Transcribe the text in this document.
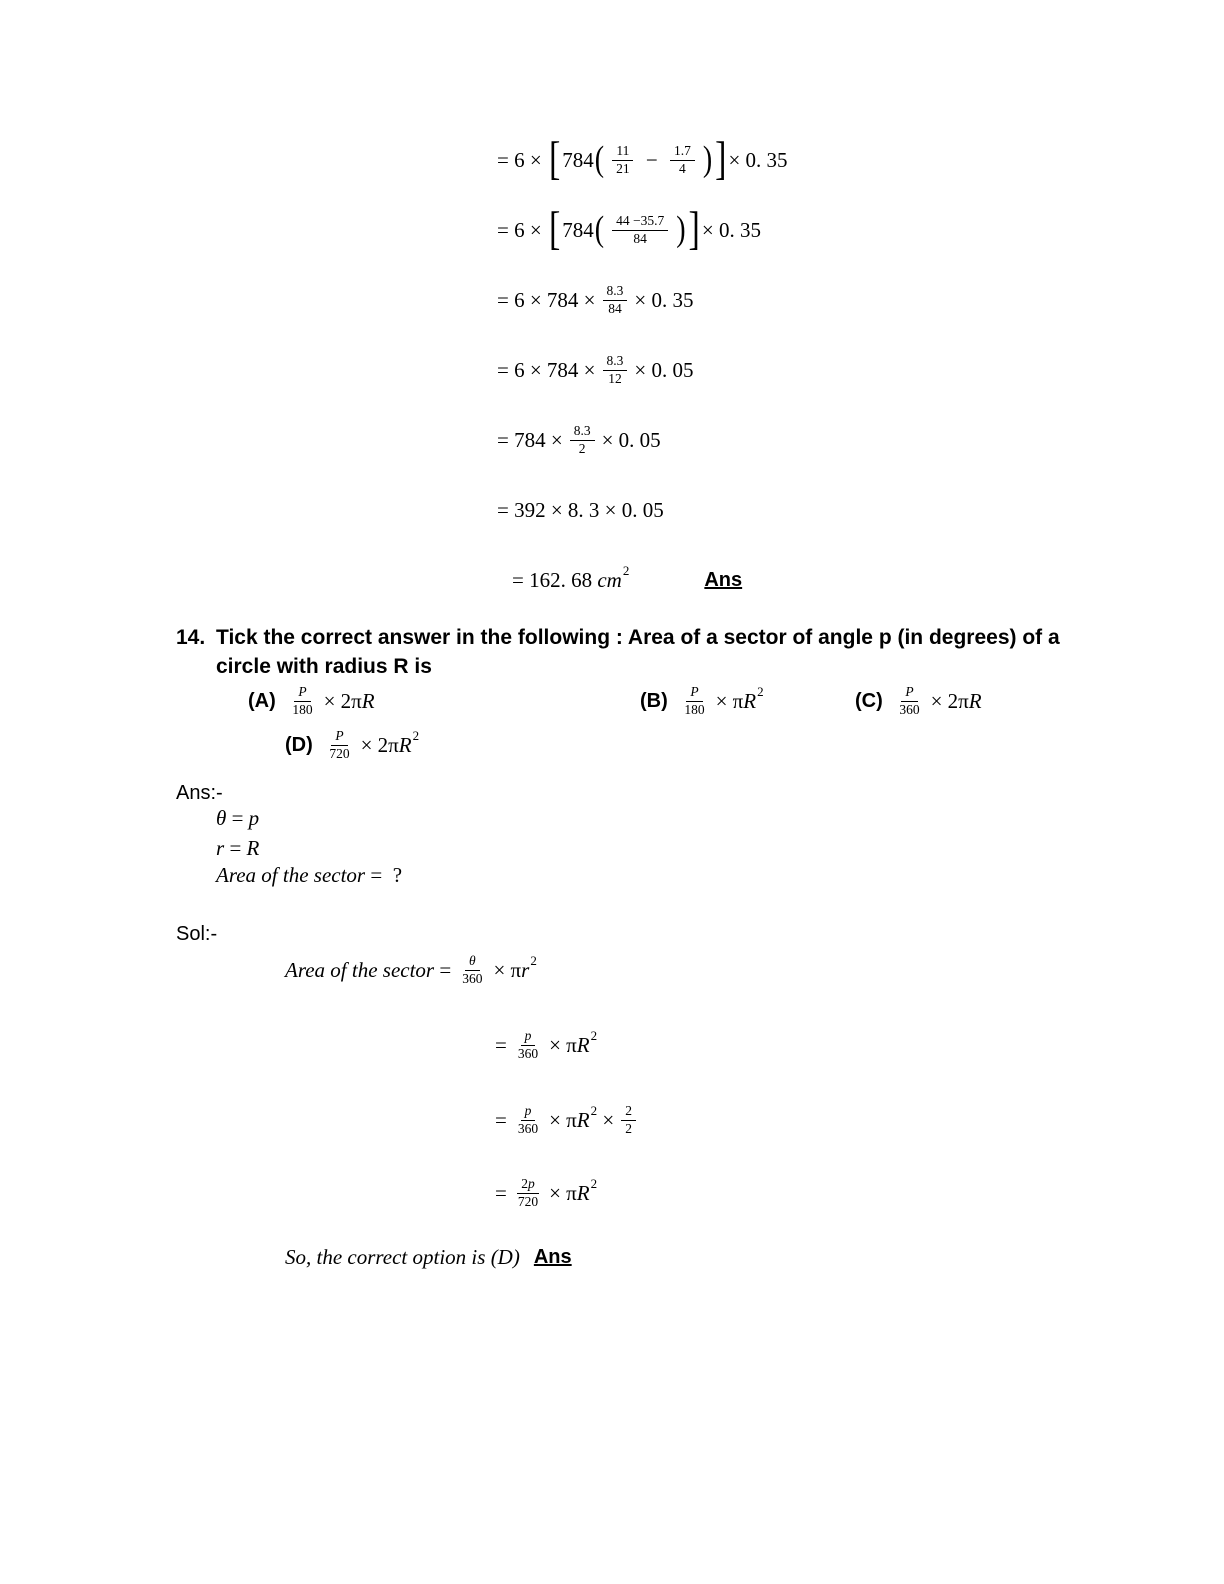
= 6 × [ 784 ( $\frac{11}{21} - \frac{1.7}{4}$ ) ] × 0. 35
= 6 × [ 784 ( $\frac{44 -35.7}{84}$ ) ] × 0. 35
= $6 \times 784 \times \frac{8.3}{84} \times 0$. 35
= $6 \times 784 \times \frac{8.3}{12} \times 0$. 05
= $784 \times \frac{8.3}{2} \times 0$. 05
= 392 × 8. 3 × 0. 05
= 162. 68 cm 2	Ans
14. Tick the correct answer in the following : Area of a sector of angle p (in degrees) of a circle with radius R is
$(A) \frac{P}{180} \times 2\pi$ R	$(B) \frac{P}{180} \times \pi$ R 2	$(C) \frac{P}{360} \times 2\pi$ R
$(D) \frac{P}{720} \times 2\pi$ R 2
Ans:-
θ = p
r = R
Area of the sector =  ?
Sol:-
Area of the sector = $\frac{\theta}{360} \times \pi$ r 2
= $\frac{p}{360} \times \pi$ R 2
= $\frac{p}{360} \times \pi$ R $2 \times \frac{2}{2}$
= $\frac{2p}{720} \times \pi$ R 2
So, the correct option is (D) Ans
